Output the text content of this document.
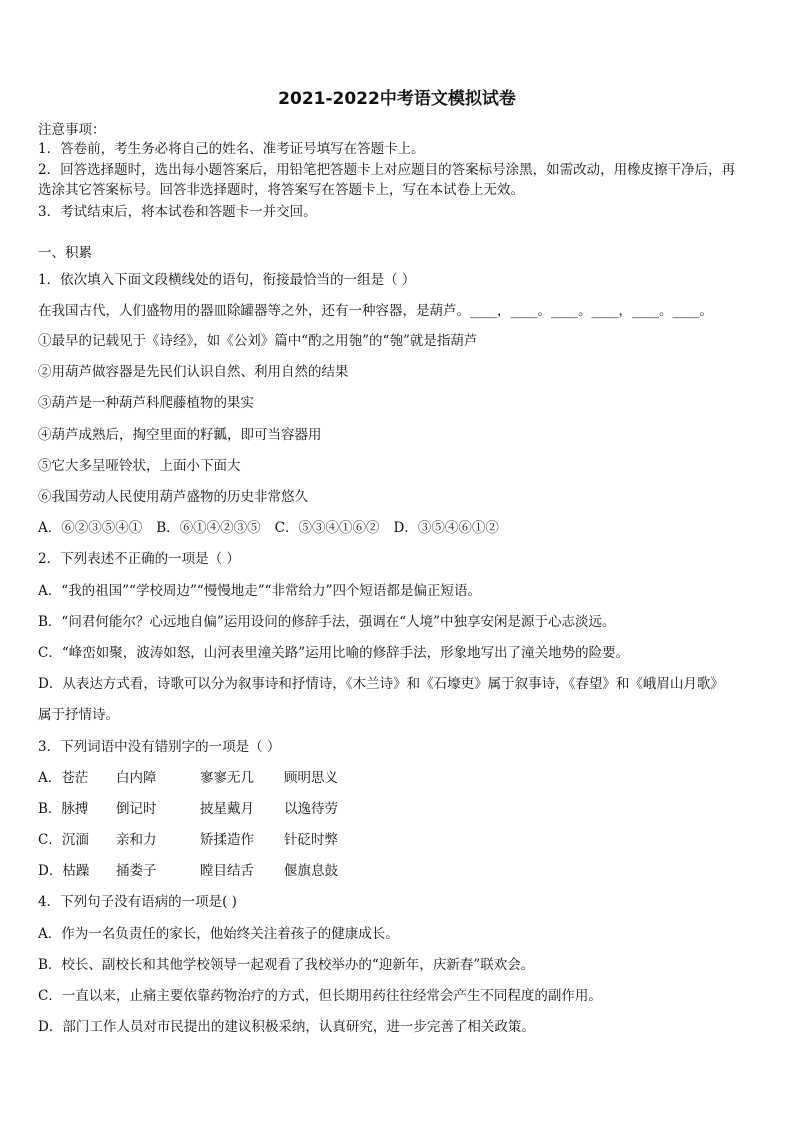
2021-2022中考语文模拟试卷
注意事项：
1．答卷前，考生务必将自己的姓名、准考证号填写在答题卡上。
2．回答选择题时，选出每小题答案后，用铅笔把答题卡上对应题目的答案标号涂黑，如需改动，用橡皮擦干净后，再
选涂其它答案标号。回答非选择题时，将答案写在答题卡上，写在本试卷上无效。
3．考试结束后，将本试卷和答题卡一并交回。
一、积累
1．依次填入下面文段横线处的语句，衔接最恰当的一组是（ ）
在我国古代，人们盛物用的器皿除罐器等之外，还有一种容器，是葫芦。____，____。____。____，____。____。
①最早的记载见于《诗经》，如《公刘》篇中“酌之用匏”的“匏”就是指葫芦
②用葫芦做容器是先民们认识自然、利用自然的结果
③葫芦是一种葫芦科爬藤植物的果实
④葫芦成熟后，掏空里面的籽瓤，即可当容器用
⑤它大多呈哑铃状，上面小下面大
⑥我国劳动人民使用葫芦盛物的历史非常悠久
A．⑥②③⑤④① B．⑥①④②③⑤ C．⑤③④①⑥② D．③⑤④⑥①②
2．下列表述不正确的一项是（ ）
A．“我的祖国”“学校周边”“慢慢地走”“非常给力”四个短语都是偏正短语。
B．“问君何能尔？心远地自偏”运用设问的修辞手法，强调在“人境”中独享安闲是源于心志淡远。
C．“峰峦如聚，波涛如怒，山河表里潼关路”运用比喻的修辞手法，形象地写出了潼关地势的险要。
D．从表达方式看，诗歌可以分为叙事诗和抒情诗，《木兰诗》和《石壕吏》属于叙事诗，《春望》和《峨眉山月歌》
属于抒情诗。
3．下列词语中没有错别字的一项是（ ）
A．苍茫 白内障	寥寥无几 顾明思义
B．脉搏 倒记时	披星戴月 以逸待劳
C．沉湎 亲和力	矫揉造作 针砭时弊
D．枯躁 捅娄子	瞠目结舌 偃旗息鼓
4．下列句子没有语病的一项是( )
A．作为一名负责任的家长，他始终关注着孩子的健康成长。
B．校长、副校长和其他学校领导一起观看了我校举办的“迎新年，庆新春”联欢会。
C．一直以来，止痛主要依靠药物治疗的方式，但长期用药往往经常会产生不同程度的副作用。
D．部门工作人员对市民提出的建议积极采纳，认真研究，进一步完善了相关政策。
